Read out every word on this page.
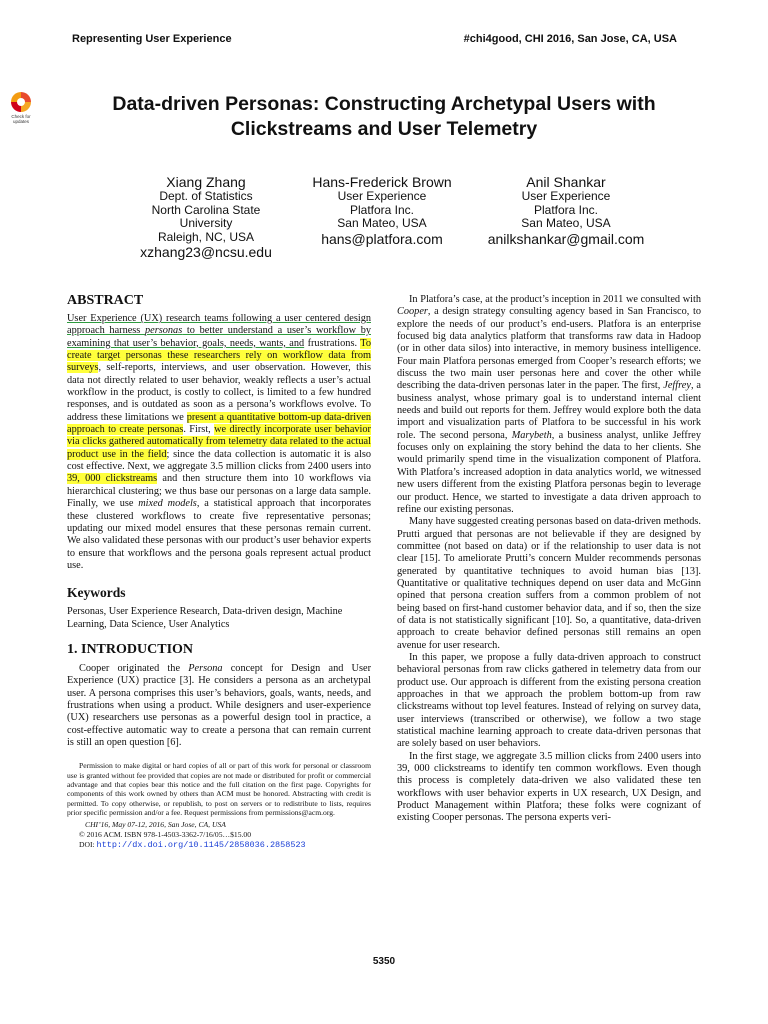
Representing User Experience	#chi4good, CHI 2016, San Jose, CA, USA
Check for
updates
Data-driven Personas: Constructing Archetypal Users with
Clickstreams and User Telemetry
Xiang Zhang
Dept. of Statistics
North Carolina State
University
Raleigh, NC, USA
xzhang23@ncsu.edu
Hans-Frederick Brown
User Experience
Platfora Inc.
San Mateo, USA
hans@platfora.com
Anil Shankar
User Experience
Platfora Inc.
San Mateo, USA
anilkshankar@gmail.com
ABSTRACT

User Experience (UX) research teams following a user centered design approach harness personas to better understand a user’s workflow by examining that user’s behavior, goals, needs, wants, and frustrations. To create target personas these researchers rely on workflow data from surveys, self-reports, interviews, and user observation. However, this data not directly related to user behavior, weakly reflects a user’s actual workflow in the product, is costly to collect, is limited to a few hundred responses, and is outdated as soon as a persona’s workflows evolve. To address these limitations we present a quantitative bottom-up data-driven approach to create personas. First, we directly incorporate user behavior via clicks gathered automatically from telemetry data related to the actual product use in the field; since the data collection is automatic it is also cost effective. Next, we aggregate 3.5 million clicks from 2400 users into 39, 000 clickstreams and then structure them into 10 workflows via hierarchical clustering; we thus base our personas on a large data sample. Finally, we use mixed models, a statistical approach that incorporates these clustered workflows to create five representative personas; updating our mixed model ensures that these personas remain current. We also validated these personas with our product’s user behavior experts to ensure that workflows and the persona goals represent actual product use.

Keywords

Personas, User Experience Research, Data-driven design, Machine Learning, Data Science, User Analytics

1. INTRODUCTION

Cooper originated the Persona concept for Design and User Experience (UX) practice [3]. He considers a persona as an archetypal user. A persona comprises this user’s behaviors, goals, wants, needs, and frustrations when using a product. While designers and user-experience (UX) researchers use personas as a powerful design tool in practice, a cost-effective automatic way to create a persona that can remain current is still an open question [6].

Permission to make digital or hard copies of all or part of this work for personal or classroom use is granted without fee provided that copies are not made or distributed for profit or commercial advantage and that copies bear this notice and the full citation on the first page. Copyrights for components of this work owned by others than ACM must be honored. Abstracting with credit is permitted. To copy otherwise, or republish, to post on servers or to redistribute to lists, requires prior specific permission and/or a fee. Request permissions from permissions@acm.org.

CHI’16, May 07-12, 2016, San Jose, CA, USA

© 2016 ACM. ISBN 978-1-4503-3362-7/16/05…$15.00

DOI: http://dx.doi.org/10.1145/2858036.2858523

In Platfora’s case, at the product’s inception in 2011 we consulted with Cooper, a design strategy consulting agency based in San Francisco, to explore the needs of our product’s end-users. Platfora is an enterprise focused big data analytics platform that transforms raw data in Hadoop (or in other data silos) into interactive, in memory business intelligence. Four main Platfora personas emerged from Cooper’s research efforts; we discuss the two main user personas here and cover the other while describing the data-driven personas later in the paper. The first, Jeffrey, a business analyst, whose primary goal is to understand internal client needs and build out reports for them. Jeffrey would explore both the data import and visualization parts of Platfora to be successful in his work role. The second persona, Marybeth, a business analyst, unlike Jeffrey focuses only on explaining the story behind the data to her clients. She would primarily spend time in the visualization component of Platfora. With Platfora’s increased adoption in data analytics world, we witnessed new users different from the existing Platfora personas begin to leverage our product. Hence, we started to investigate a data driven approach to refine our existing personas.

Many have suggested creating personas based on data-driven methods. Prutti argued that personas are not believable if they are designed by committee (not based on data) or if the relationship to user data is not clear [15]. To ameliorate Prutti’s concern Mulder recommends personas generated by quantitative techniques to avoid human bias [13]. Quantitative or qualitative techniques depend on user data and McGinn opined that persona creation suffers from a common problem of not being based on first-hand customer behavior data, and if so, then the size of data is not statistically significant [10]. So, a quantitative, data-driven approach to create behavior defined personas still remains an open avenue for user research.

In this paper, we propose a fully data-driven approach to construct behavioral personas from raw clicks gathered in telemetry data from our product use. Our approach is different from the existing persona creation approaches in that we approach the problem bottom-up from raw clickstreams without top level features. Instead of relying on survey data, user interviews (transcribed or otherwise), we follow a two stage statistical machine learning approach to create data-driven personas that are solely based on user behaviors.

In the first stage, we aggregate 3.5 million clicks from 2400 users into 39, 000 clickstreams to identify ten common workflows. Even though this process is completely data-driven we also validated these ten workflows with user behavior experts in UX research, UX Design, and Product Management within Platfora; these folks were cognizant of existing Cooper personas. The persona experts veri-

5350
